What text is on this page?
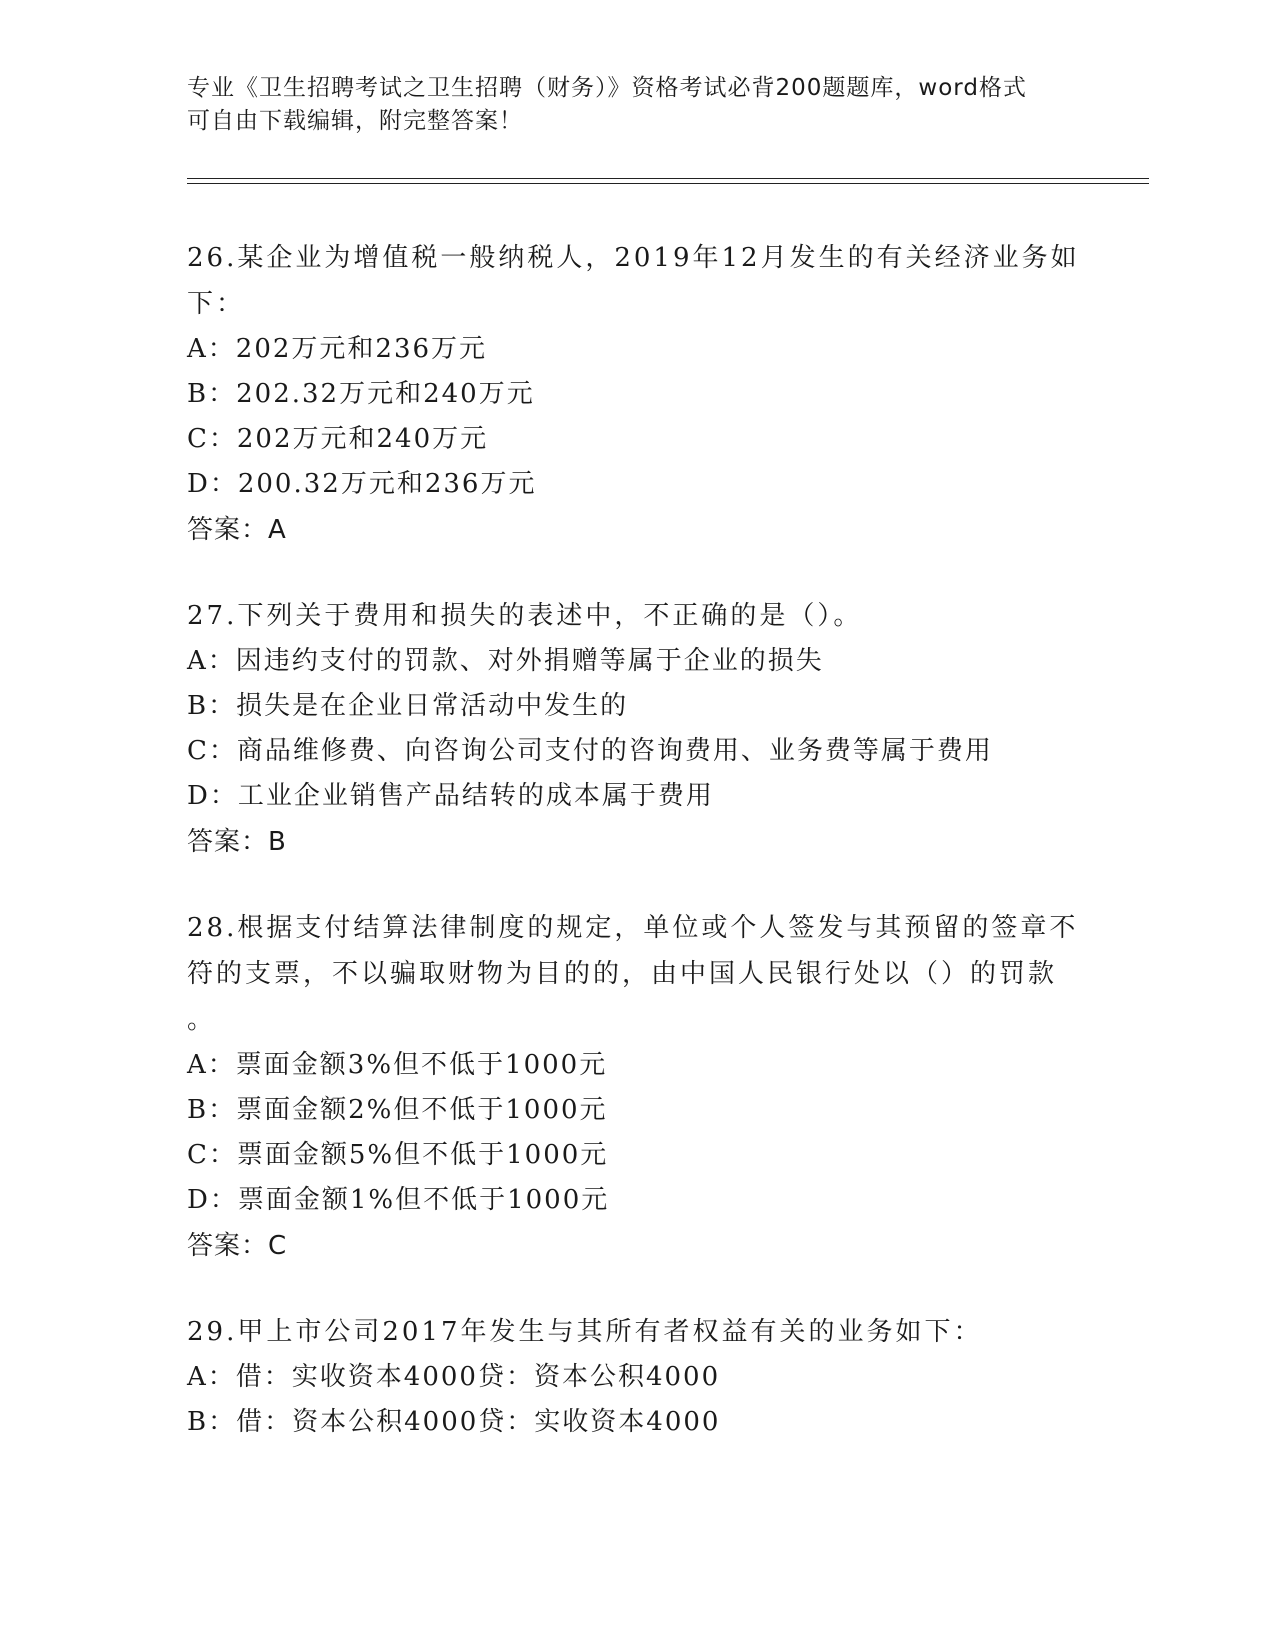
专业《卫生招聘考试之卫生招聘（财务）》资格考试必背200题题库，word格式
可自由下载编辑，附完整答案！

26.某企业为增值税一般纳税人，2019年12月发生的有关经济业务如

下：

A：202万元和236万元

B：202.32万元和240万元

C：202万元和240万元

D：200.32万元和236万元

答案：A

27.下列关于费用和损失的表述中，不正确的是（）。

A：因违约支付的罚款、对外捐赠等属于企业的损失

B：损失是在企业日常活动中发生的

C：商品维修费、向咨询公司支付的咨询费用、业务费等属于费用

D：工业企业销售产品结转的成本属于费用

答案：B

28.根据支付结算法律制度的规定，单位或个人签发与其预留的签章不

符的支票，不以骗取财物为目的的，由中国人民银行处以（）的罚款

。

A：票面金额3%但不低于1000元

B：票面金额2%但不低于1000元

C：票面金额5%但不低于1000元

D：票面金额1%但不低于1000元

答案：C

29.甲上市公司2017年发生与其所有者权益有关的业务如下：

A：借：实收资本4000贷：资本公积4000

B：借：资本公积4000贷：实收资本4000
